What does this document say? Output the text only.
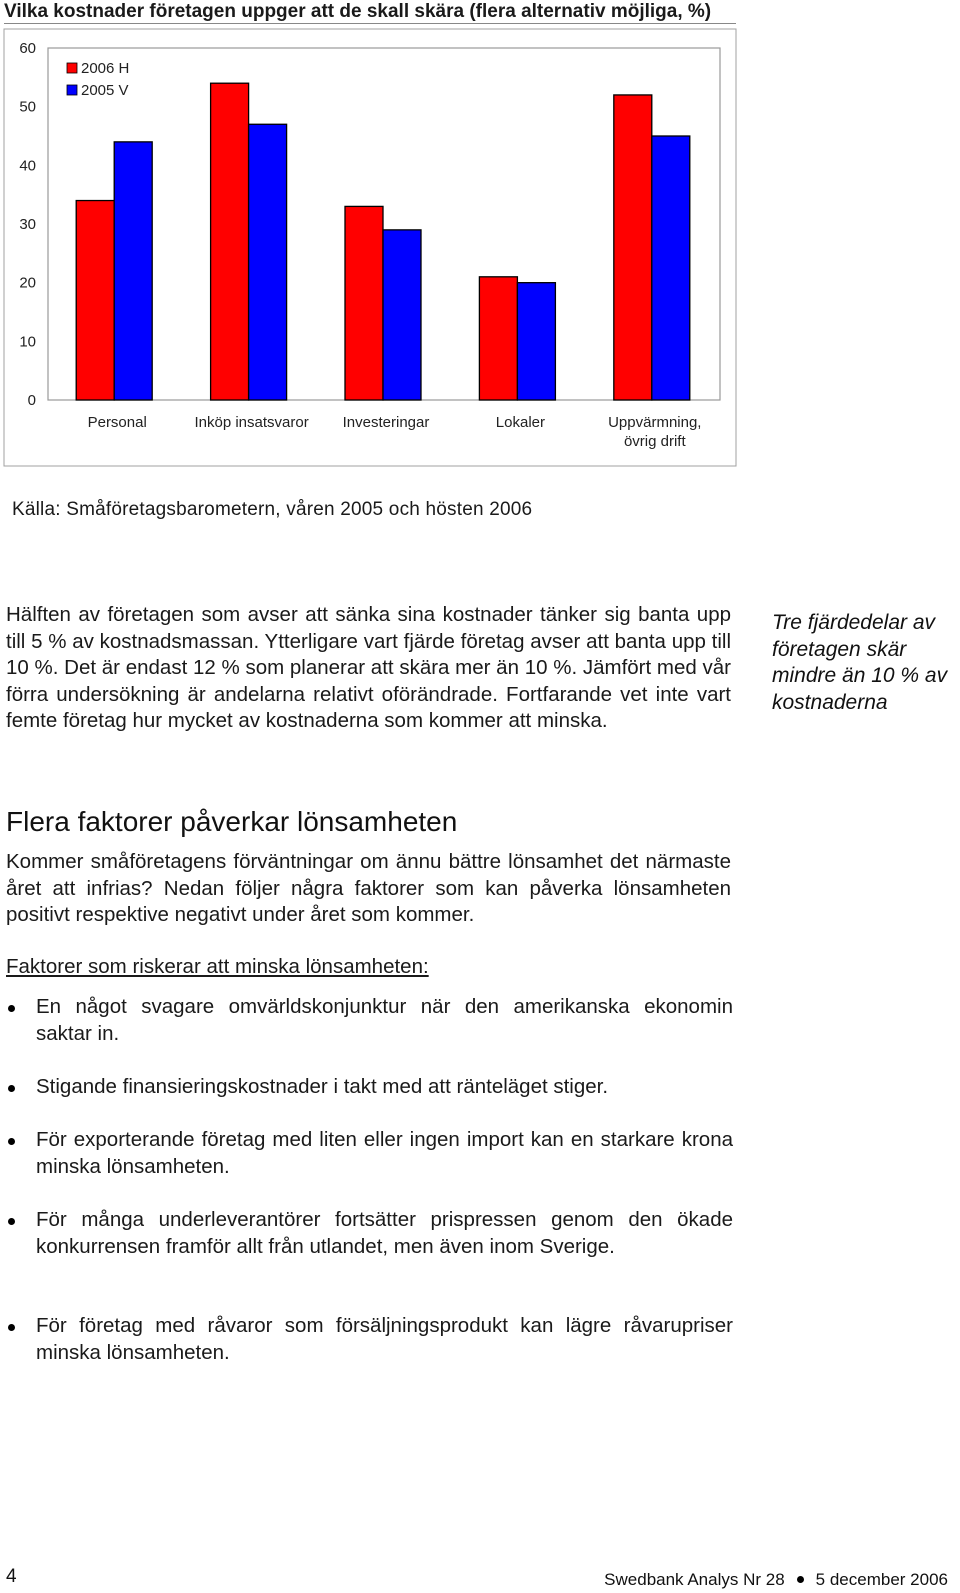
Vilka kostnader företagen uppger att de skall skära (flera alternativ möjliga, %)
0
10
20
30
40
50
60
Personal	Inköp insatsvaror Investeringar	Lokaler	Uppvärmning, övrig drift
2006 H
2005 V
Källa: Småföretagsbarometern, våren 2005 och hösten 2006
Hälften av företagen som avser att sänka sina kostnader tänker sig banta upp till 5 % av kostnadsmassan. Ytterligare vart fjärde företag avser att banta upp till 10 %. Det är endast 12 % som planerar att skära mer än 10 %. Jämfört med vår förra undersökning är andelarna relativt oförändrade. Fortfarande vet inte vart femte företag hur mycket av kostnaderna som kommer att minska.
Tre fjärdedelar av företagen skär mindre än 10 % av kostnaderna
Flera faktorer påverkar lönsamheten
Kommer småföretagens förväntningar om ännu bättre lönsamhet det närmaste året att infrias? Nedan följer några faktorer som kan påverka lönsamheten positivt respektive negativt under året som kommer.
Faktorer som riskerar att minska lönsamheten:
En något svagare omvärldskonjunktur när den amerikanska ekonomin saktar in.
Stigande finansieringskostnader i takt med att ränteläget stiger.
För exporterande företag med liten eller ingen import kan en starkare krona minska lönsamheten.
För många underleverantörer fortsätter prispressen genom den ökade konkurrensen framför allt från utlandet, men även inom Sverige.
För företag med råvaror som försäljningsprodukt kan lägre råvarupriser minska lönsamheten.
4	Swedbank Analys Nr 28 5 december 2006
